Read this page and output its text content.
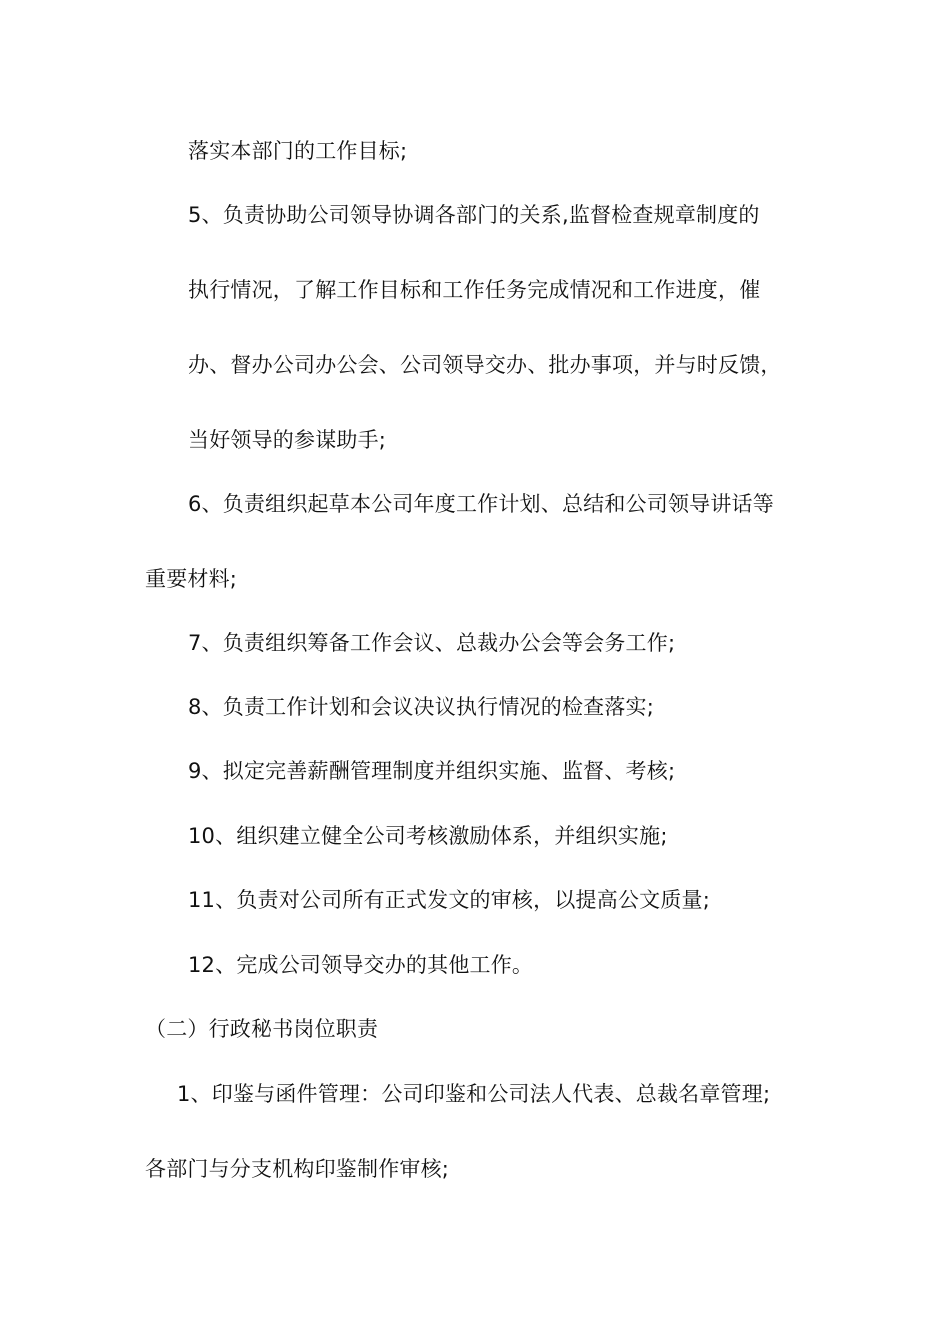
落实本部门的工作目标;
5、负责协助公司领导协调各部门的关系,监督检查规章制度的
执行情况，了解工作目标和工作任务完成情况和工作进度，催
办、督办公司办公会、公司领导交办、批办事项，并与时反馈，
当好领导的参谋助手;
6、负责组织起草本公司年度工作计划、总结和公司领导讲话等
重要材料;
7、负责组织筹备工作会议、总裁办公会等会务工作;
8、负责工作计划和会议决议执行情况的检查落实;
9、拟定完善薪酬管理制度并组织实施、监督、考核;
10、组织建立健全公司考核激励体系，并组织实施;
11、负责对公司所有正式发文的审核，以提高公文质量;
12、完成公司领导交办的其他工作。
（二）行政秘书岗位职责
1、印鉴与函件管理：公司印鉴和公司法人代表、总裁名章管理;
各部门与分支机构印鉴制作审核;
